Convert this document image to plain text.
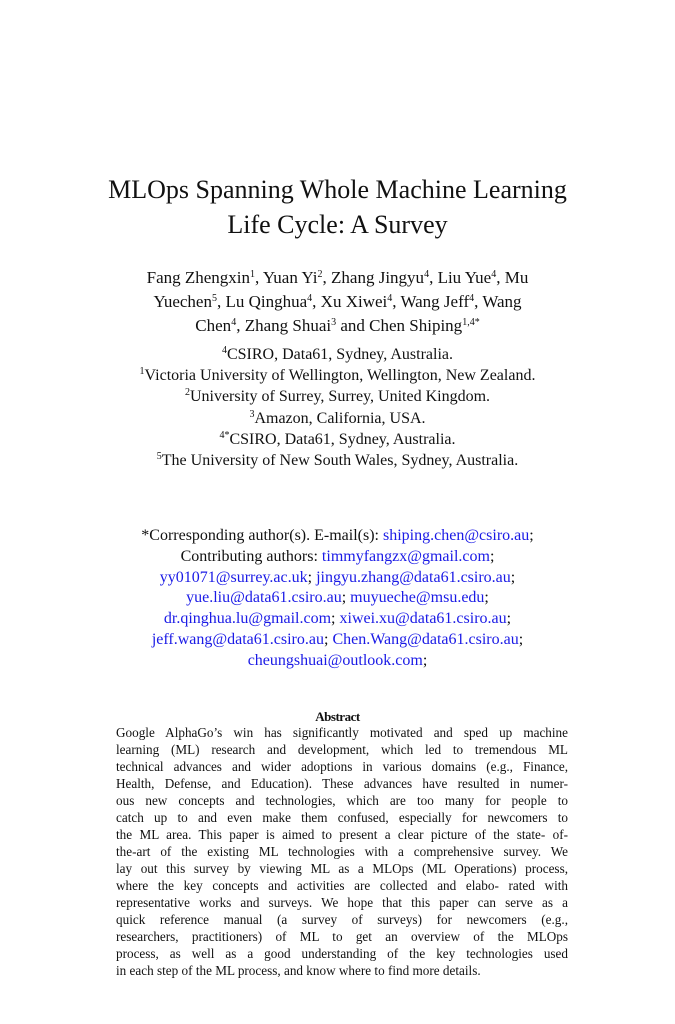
MLOps Spanning Whole Machine Learning
Life Cycle: A Survey
Fang Zhengxin$^1$, Yuan Yi$^2$, Zhang Jingyu$^4$, Liu Yue$^4$, Mu
Yuechen$^5$, Lu Qinghua$^4$, Xu Xiwei$^4$, Wang Jeff$^4$, Wang
Chen$^4$, Zhang Shuai$^3$ and Chen Shiping$^{1,4*}$
$^4$CSIRO, Data61, Sydney, Australia.
$^1$Victoria University of Wellington, Wellington, New Zealand.
$^2$University of Surrey, Surrey, United Kingdom.
$^3$Amazon, California, USA.
$^{4*}$CSIRO, Data61, Sydney, Australia.
$^5$The University of New South Wales, Sydney, Australia.
*Corresponding author(s). E-mail(s): shiping.chen@csiro.au;
Contributing authors: timmyfangzx@gmail.com;
yy01071@surrey.ac.uk; jingyu.zhang@data61.csiro.au;
yue.liu@data61.csiro.au; muyueche@msu.edu;
dr.qinghua.lu@gmail.com; xiwei.xu@data61.csiro.au;
jeff.wang@data61.csiro.au; Chen.Wang@data61.csiro.au;
cheungshuai@outlook.com;
Abstract
Google AlphaGo’s win has significantly motivated and sped up machine
learning (ML) research and development, which led to tremendous ML
technical advances and wider adoptions in various domains (e.g., Finance,
Health, Defense, and Education). These advances have resulted in numer-
ous new concepts and technologies, which are too many for people to
catch up to and even make them confused, especially for newcomers to
the ML area. This paper is aimed to present a clear picture of the state- of-
the-art of the existing ML technologies with a comprehensive survey. We
lay out this survey by viewing ML as a MLOps (ML Operations) process,
where the key concepts and activities are collected and elabo- rated with
representative works and surveys. We hope that this paper can serve as a
quick reference manual (a survey of surveys) for newcomers (e.g.,
researchers, practitioners) of ML to get an overview of the MLOps
process, as well as a good understanding of the key technologies used
in each step of the ML process, and know where to find more details.
